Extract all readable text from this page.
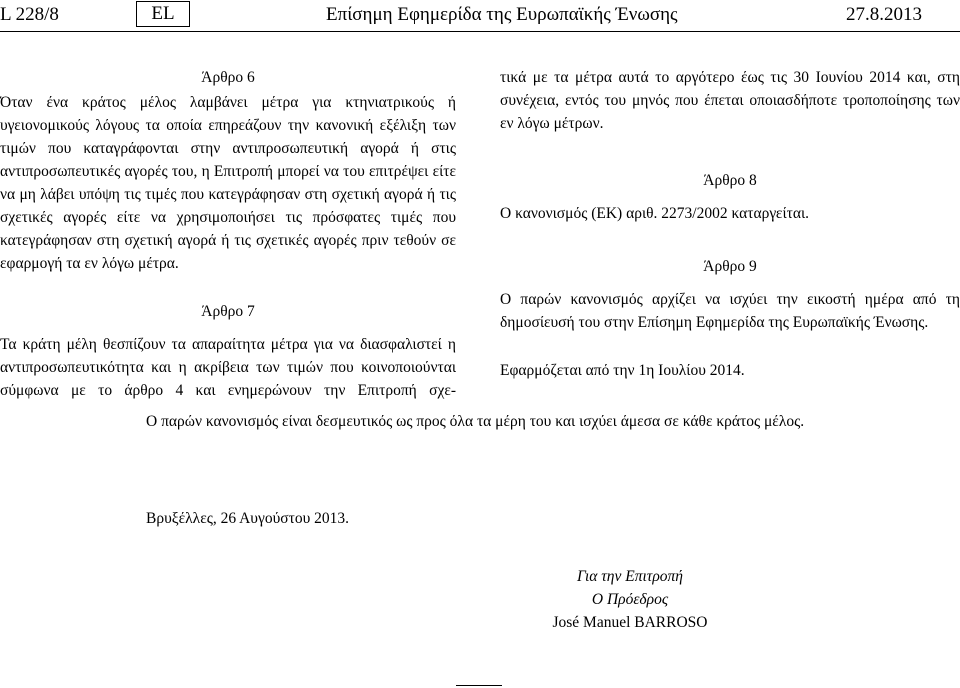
L 228/8	EL	Επίσημη Εφημερίδα της Ευρωπαϊκής Ένωσης	27.8.2013

Άρθρο 6

Όταν ένα κράτος μέλος λαμβάνει μέτρα για κτηνιατρικούς ή υγειονομικούς λόγους τα οποία επηρεάζουν την κανονική εξέλιξη των τιμών που καταγράφονται στην αντιπροσωπευτική αγορά ή στις αντιπροσωπευτικές αγορές του, η Επιτροπή μπορεί να του επιτρέψει είτε να μη λάβει υπόψη τις τιμές που κατεγράφησαν στη σχετική αγορά ή τις σχετικές αγορές είτε να χρησιμοποιήσει τις πρόσφατες τιμές που κατεγράφησαν στη σχετική αγορά ή τις σχετικές αγορές πριν τεθούν σε εφαρμογή τα εν λόγω μέτρα.

Άρθρο 7

Τα κράτη μέλη θεσπίζουν τα απαραίτητα μέτρα για να διασφαλιστεί η αντιπροσωπευτικότητα και η ακρίβεια των τιμών που κοινοποιούνται σύμφωνα με το άρθρο 4 και ενημερώνουν την Επιτροπή σχε-

τικά με τα μέτρα αυτά το αργότερο έως τις 30 Ιουνίου 2014 και, στη συνέχεια, εντός του μηνός που έπεται οποιασδήποτε τροποποίησης των εν λόγω μέτρων.

Άρθρο 8

Ο κανονισμός (ΕΚ) αριθ. 2273/2002 καταργείται.

Άρθρο 9

Ο παρών κανονισμός αρχίζει να ισχύει την εικοστή ημέρα από τη δημοσίευσή του στην Επίσημη Εφημερίδα της Ευρωπαϊκής Ένωσης.

Εφαρμόζεται από την 1η Ιουλίου 2014.

Ο παρών κανονισμός είναι δεσμευτικός ως προς όλα τα μέρη του και ισχύει άμεσα σε κάθε κράτος μέλος.

Βρυξέλλες, 26 Αυγούστου 2013.

Για την Επιτροπή
Ο Πρόεδρος
José Manuel BARROSO
